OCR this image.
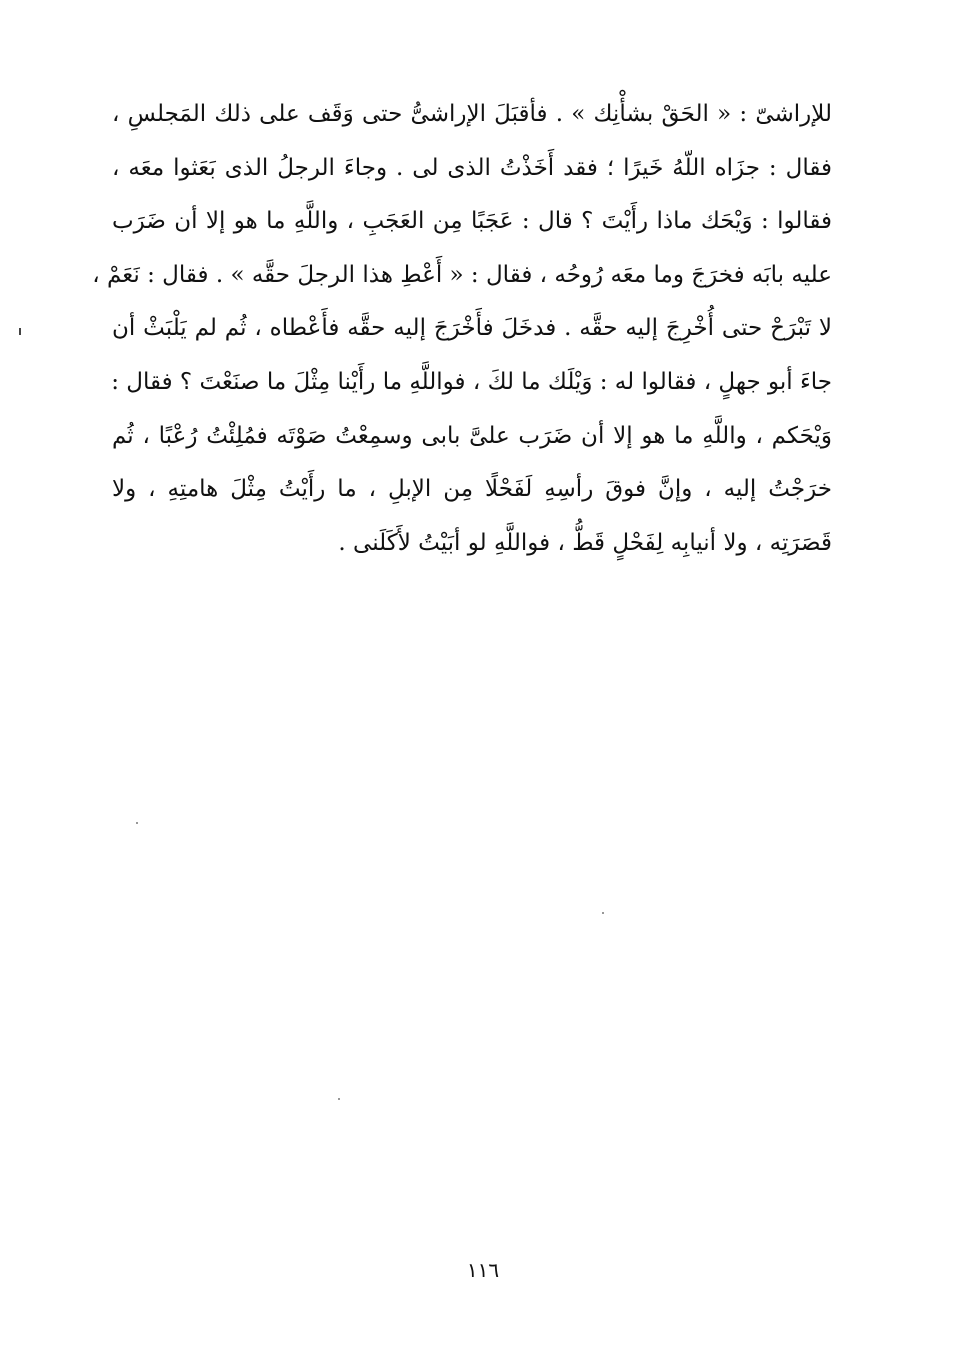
للإراشىّ : « الحَقْ بشأْنِك » . فأقبَلَ الإراشىُّ حتى وَقَف على ذلك المَجلسِ ،
فقال : جزَاه اللّهُ خَيرًا ؛ فقد أَخَذْتُ الذى لى . وجاءَ الرجلُ الذى بَعَثوا معَه ،
فقالوا : وَيْحَك ماذا رأَيْتَ ؟ قال : عَجَبًا مِن العَجَبِ ، واللَّهِ ما هو إلا أن ضَرَب
عليه بابَه فخرَجَ وما معَه رُوحُه ، فقال : « أَعْطِ هذا الرجلَ حقَّه » . فقال : نَعَمْ ،
لا تَبْرَحْ حتى أُخْرِجَ إليه حقَّه . فدخَلَ فأَخْرَجَ إليه حقَّه فأَعْطاه ، ثُم لم يَلْبَثْ أن
جاءَ أبو جهلٍ ، فقالوا له : وَيْلَك ما لكَ ، فواللَّهِ ما رأَيْنا مِثْلَ ما صنَعْتَ ؟ فقال :
وَيْحَكم ، واللَّهِ ما هو إلا أن ضَرَب علىَّ بابى وسمِعْتُ صَوْتَه فمُلِئْتُ رُعْبًا ، ثُم
خرَجْتُ إليه ، وإنَّ فوقَ رأسِهِ لَفَحْلًا مِن الإبلِ ، ما رأَيْتُ مِثْلَ هامتِهِ ، ولا
قَصَرَتِه ، ولا أنيابِه لِفَحْلٍ قَطُّ ، فواللَّهِ لو أبَيْتُ لأَكَلَنى .
١١٦
